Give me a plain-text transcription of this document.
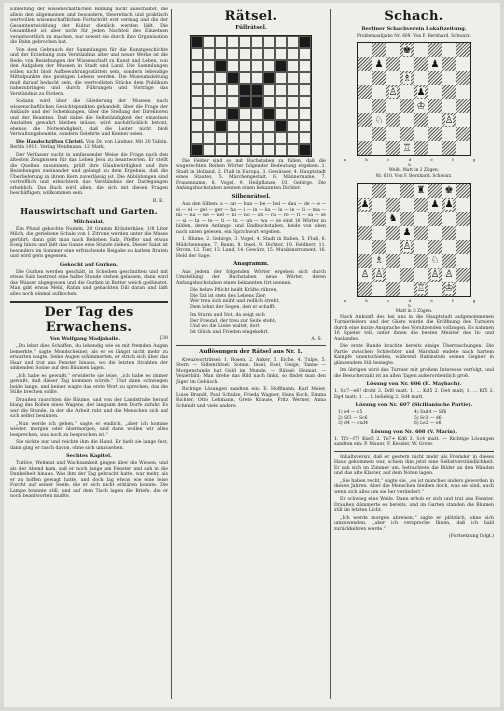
Einleitung der wissenschaftlichen Bildung nicht ausschaltet, die allein den allgemeinen und besondern, theoretisch und praktisch wertvollen wissenschaftlichen Fortschritt erst vermag und die der Gesamtentwicklung der Kultur dienlich werden läßt. Die Gesamtheit ist aber nicht für jeden Nachteil des Einzelnen verantwortlich zu machen, nur soweit sie durch ihre Organisation die Bahn gebrochen hat.

Von dem Gebrauch der Sammlungen für die Kunstgeschichte und der Erziehung zum Verständnis alter und neuer Werke ist die Rede; von Beziehungen der Wissenschaft zu Kunst und Leben, von den Aufgaben der Museen in Stadt und Land. Die Sammlungen sollen nicht bloß Aufbewahrungsstätten sein, sondern lebendige Mittelpunkte des geistigen Lebens werden. Die Museumsleitung muß darauf bedacht sein, die wertvollsten Stücke dem Publikum nahezubringen und durch Führungen und Vorträge das Verständnis zu fördern.

Sodann wird über die Gliederung der Museen nach wissenschaftlichen Gesichtspunkten gehandelt, über die Frage der Ankäufe und der Schenkungen, über die Stellung der Direktoren und der Beamten. Daß dabei die Selbständigkeit der einzelnen Anstalten gewahrt bleiben müsse, wird nachdrücklich betont, ebenso die Notwendigkeit, daß die Leiter nicht bloß Verwaltungsbeamte, sondern Gelehrte und Kenner seien.

Die Handschriften Christi. Von Dr. von Lindner. Mit 20 Tafeln. Berlin 1911. Verlag Weidmann. 12 Mark.

Der Verfasser sucht in umfassender Weise die Frage nach den ältesten Zeugnissen für das Leben Jesu zu beantworten. Er stellt die Quellen zusammen, prüft ihre Glaubwürdigkeit und ihre Beziehungen zueinander und gelangt zu dem Ergebnis, daß die Überlieferung in ihrem Kern zuverlässig ist. Die Abbildungen sind vortrefflich und erleichtern das Verständnis der Darlegungen erheblich. Das Buch wird allen, die sich mit diesen Fragen beschäftigen, willkommen sein.

R. E.

Hauswirtschaft und Garten.
Milchsalat.

Ein Pfund gekochte Nudeln, 20 Gramm Kräuterkäse, 1/8 Liter Milch, die geriebene Schale von 1 Zitrone werden unter die Masse gerührt; dann gibt man nach Belieben Salz, Pfeffer und etwas Essig hinzu und läßt das Ganze eine Stunde ziehen. Dieser Salat ist besonders im Sommer eine erfrischende Beigabe zu kaltem Braten und wird gern gegessen.

Gekocht auf Gurken.

Die Gurken werden geschält, in Scheiben geschnitten und mit etwas Salz bestreut eine halbe Stunde stehen gelassen, dann wird das Wasser abgegossen und die Gurken in Butter weich gedünstet. Man gibt etwas Mehl, Rahm und gehackten Dill daran und läßt alles noch einmal aufkochen.

Der Tag des Erwachens.
Von Wolfgang Madjahalle.	[38

„Du lebst dies Schaffen, du lebendig wie es mit fremden Augen bemerkte,“ sagte Mondscheiner, als er es längst nicht mehr zu erwarten wagte. Seine Augen schimmerten, er strich sich über das Haar und trat ans Fenster hinaus, wo die letzten Strahlen der sinkenden Sonne auf den Bäumen lagen.

„Ich habe es gewußt,“ erwiderte sie leise, „ich habe es immer gewußt, daß dieser Tag kommen würde.“ Und dann schwiegen beide lange, und keiner wagte das erste Wort zu sprechen, das die Stille brechen sollte.

Draußen rauschten die Bäume, und von der Landstraße herauf klang das Rollen eines Wagens, der langsam dem Dorfe zufuhr. Es war die Stunde, in der die Arbeit ruht und die Menschen sich auf sich selbst besinnen.

„Nun werde ich gehen,“ sagte er endlich, „aber ich komme wieder, morgen oder übermorgen, und dann wollen wir alles besprechen, was noch zu besprechen ist.“

Sie nickte nur und reichte ihm die Hand. Er hielt sie lange fest, dann ging er rasch davon, ohne sich umzusehen.

Sechtes Kapitel.

Tutlive, Wehmut und Wachsamkeit gingen über die Wiesen, und als der Abend kam, saß er noch lange am Fenster und sah in die Dunkelheit hinaus. Was ihm der Tag gebracht hatte, war mehr, als er zu hoffen gewagt hatte, und doch lag etwas wie eine leise Furcht auf seiner Seele, die er sich nicht erklären konnte. Die Lampe brannte still, und auf dem Tisch lagen die Briefe, die er noch beantworten mußte.

Rätsel.
Füllrätsel.

Die Felder sind so mit Buchstaben zu füllen, daß die wagerechten Reihen Wörter folgender Bedeutung ergeben: 1. Stadt in Holland, 2. Fluß in Europa, 3. Gewässer, 4. Hauptstadt eines Staates, 5. Märchengestalt, 6. Männername, 7. Frauenname, 8. Vogel, 9. Heilpflanze, 10. Gebirge. Die Anfangsbuchstaben nennen einen bekannten Dichter.

Silbenrätsel.

Aus den Silben: a — an — ban — be — bel — dau — de — e — ei — el — gel — ger — ha — i — in — ka — la — le — li — ma — mi — na — ne — nel — ni — no — on — ra — re — ri — sa — se — si — ta — te — ti — tu — un — wa — ze sind 16 Wörter zu bilden, deren Anfangs- und Endbuchstaben, beide von oben nach unten gelesen, ein Sprichwort ergeben.

1. Blume, 2. Gebirge, 3. Vogel, 4. Stadt in Italien, 5. Fluß, 6. Mädchenname, 7. Baum, 8. Insel, 9. Dichter, 10. Feldherr, 11. Strom, 12. Tier, 13. Land, 14. Gewürz, 15. Musikinstrument, 16. Held der Sage.

Anagramm.

Aus jedem der folgenden Wörter ergeben sich durch Umstellung der Buchstaben neue Wörter, deren Anfangsbuchstaben einen bekannten Ort nennen.

Die hehre Pflicht heißt Kräfte rühren,
Die Tat ist stets des Lebens Zier;
Wer treu sich müht und redlich strebt,
Dem lohnt der Segen, den er schafft.
Im Sturm und Not, da zeigt sich
Der Freund, der treu zur Seite steht;
Und wo die Liebe waltet, dort
Ist Glück und Frieden eingekehrt.

A. S.

Auflösungen der Rätsel aus Nr. 1.

Kreuzworträtsel: 1. Rosen, 2. Anker, 3. Eiche, 4. Tulpe, 5. Stern — Silbenrätsel: Sonne, Insel, Esel, Geige, Tanne — Morgenstunde hat Gold im Munde. — Rätsel: Heimat. — Vexierbild: Man drehe das Bild nach links, so findet man den Jäger im Gebüsch.

Richtige Lösungen sandten ein: E. Hoffmann, Karl Meier, Luise Brandt, Paul Schulze, Frieda Wagner, Hans Koch, Emma Richter, Otto Lehmann, Grete Krause, Fritz Werner, Anna Schmidt und viele andere.

Schach.
Berliner Schachverein Lokaltzeitung.
Problemaufgabe Nr. 609. Von F. Bernhard. Schwarz.
♚
♟	♟
♗
♙ ♟
♔
♘	♙
♖
a b c d e f g h
Weiß. Matt in 2 Zügen.
Nr. 610. Von F. Bernhard. Schwarz.
♜ ♚
♟	♟ ♟
♞
♟
♙
♗	♘
♙ ♙	♙ ♙
♖ ♔
a b c d e f g h
Matt in 3 Zügen.

Nach Ankunft des bei uns in die Hauptstadt aufgenommenen Turnierleiters und der Gäste wurde die Eröffnung des Turniers durch eine kurze Ansprache des Vorsitzenden vollzogen. Es nahmen 16 Spieler teil, unter ihnen die besten Meister des In- und Auslandes.

Die erste Runde brachte bereits einige Überraschungen. Die Partie zwischen Schlechter und Marshall endete nach hartem Kampfe unentschieden, während Rubinstein seinen Gegner in glänzendem Stil besiegte.

Im übrigen wird das Turnier mit großem Interesse verfolgt, und die Besucherzahl ist an allen Tagen außerordentlich groß.

Lösung von Nr. 606 (E. Maybach).

1. Sc7—e6! droht 2. Dd8 matt. 1. ... Kd5 2. De4 matt; 1. ... Kf5 2. Dg4 matt; 1. ... L beliebig 2. Sd4 matt.

Lösung von Nr. 607 (Sicilianische Partie).
1) e4 — c5	4) Sxd4 — Sf6
2) Sf3 — Sc6	5) Sc3 — d6
3) d4 — cxd4	6) Le2 — e6
Lösung von Nr. 608 (V. Marín).

1. Tf1—f7! Kxe5 2. Te7+ Kd6 3. Sc4 matt. — Richtige Lösungen sandten ein: P. Mauer, F. Kessler, W. Grote.

Inhaltsversiv, daß er gestern nicht mehr als Fremder in dieses Haus gekommen war, schien ihm jetzt eine Selbstverständlichkeit. Er sah sich im Zimmer um, betrachtete die Bilder an den Wänden und das alte Klavier, auf dem Noten lagen.

„Sie haben recht,“ sagte sie, „es ist manches anders geworden in diesen Jahren. Aber die Menschen bleiben doch, was sie sind, auch wenn sich alles um sie her verändert.“

Er schwieg eine Weile. Dann erhob er sich und trat ans Fenster. Draußen dämmerte es bereits, und im Garten standen die Blumen still im letzten Licht.

„Ich werde morgen abreisen,“ sagte er plötzlich, ohne sich umzuwenden, „aber ich verspreche Ihnen, daß ich bald zurückkehren werde.“

(Fortsetzung folgt.)
